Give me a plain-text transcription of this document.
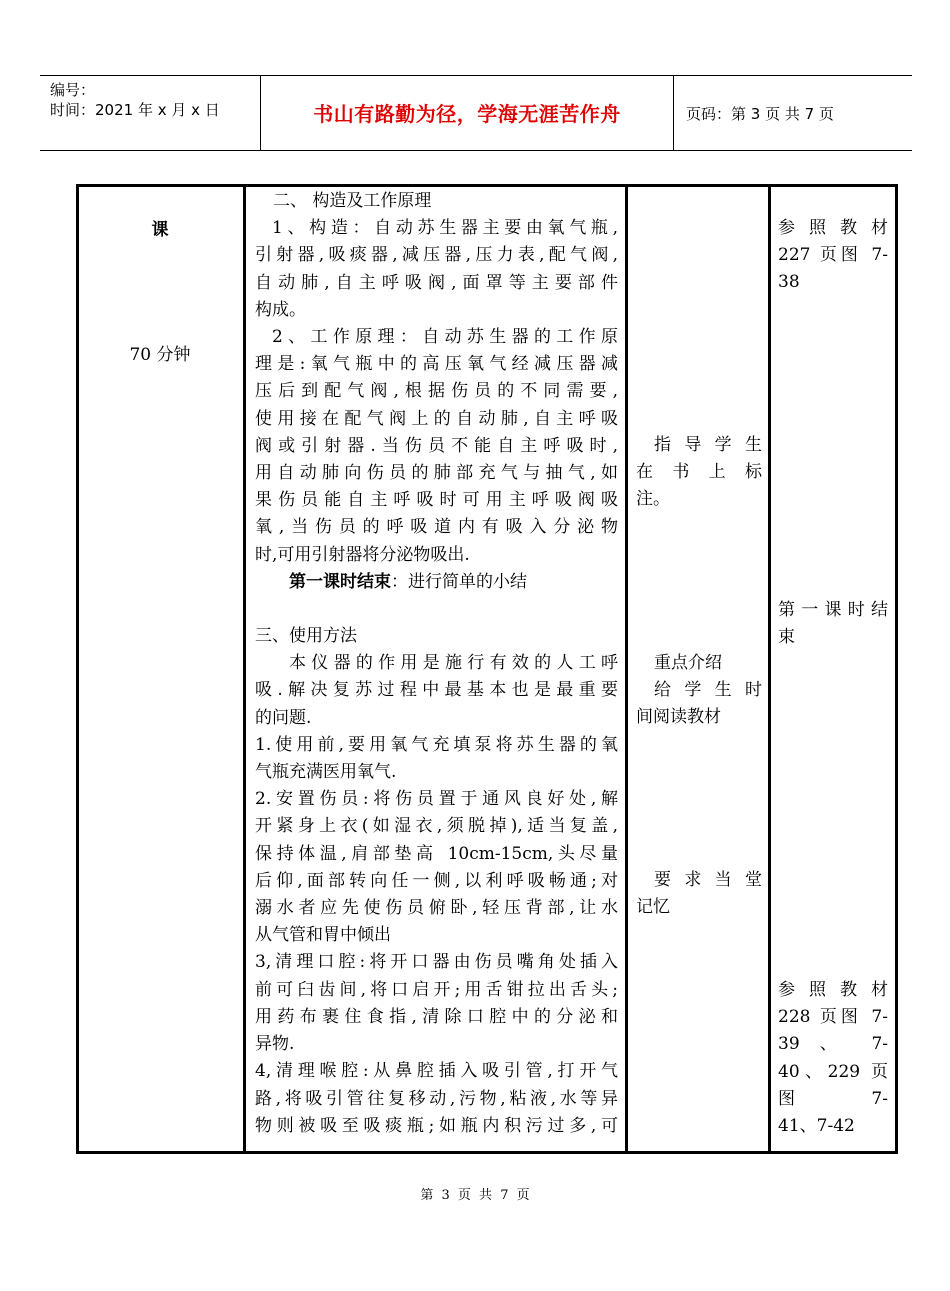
编号：
时间：2021 年 x 月 x 日	书山有路勤为径，学海无涯苦作舟	页码：第 3 页 共 7 页
课
70 分钟
二、 构造及工作原理
1、构造：自动苏生器主要由氧气瓶,
引射器,吸痰器,减压器,压力表,配气阀,
自动肺,自主呼吸阀,面罩等主要部件
构成。
2、工作原理：自动苏生器的工作原
理是:氧气瓶中的高压氧气经减压器减
压后到配气阀,根据伤员的不同需要,
使用接在配气阀上的自动肺,自主呼吸
阀或引射器.当伤员不能自主呼吸时,
用自动肺向伤员的肺部充气与抽气,如
果伤员能自主呼吸时可用主呼吸阀吸
氧,当伤员的呼吸道内有吸入分泌物
时,可用引射器将分泌物吸出.
第一课时结束：进行简单的小结
三、使用方法
本仪器的作用是施行有效的人工呼
吸.解决复苏过程中最基本也是最重要
的问题.
1.使用前,要用氧气充填泵将苏生器的氧
气瓶充满医用氧气.
2.安置伤员:将伤员置于通风良好处,解
开紧身上衣(如湿衣,须脱掉),适当复盖,
保持体温,肩部垫高 10cm-15cm,头尽量
后仰,面部转向任一侧,以利呼吸畅通;对
溺水者应先使伤员俯卧,轻压背部,让水
从气管和胃中倾出
3,清理口腔:将开口器由伤员嘴角处插入
前可臼齿间,将口启开;用舌钳拉出舌头;
用药布裹住食指,清除口腔中的分泌和
异物.
4,清理喉腔:从鼻腔插入吸引管,打开气
路,将吸引管往复移动,污物,粘液,水等异
物则被吸至吸痰瓶;如瓶内积污过多,可
指 导 学 生
在 书 上 标
注。
重点介绍
给 学 生 时
间阅读教材
要 求 当 堂
记忆
参 照 教 材
227 页图 7-
38
第一课时结
束
参 照 教 材
228 页图 7-
39 、 7-
40、229 页
图 7-
41、7-42
第 3 页 共 7 页
